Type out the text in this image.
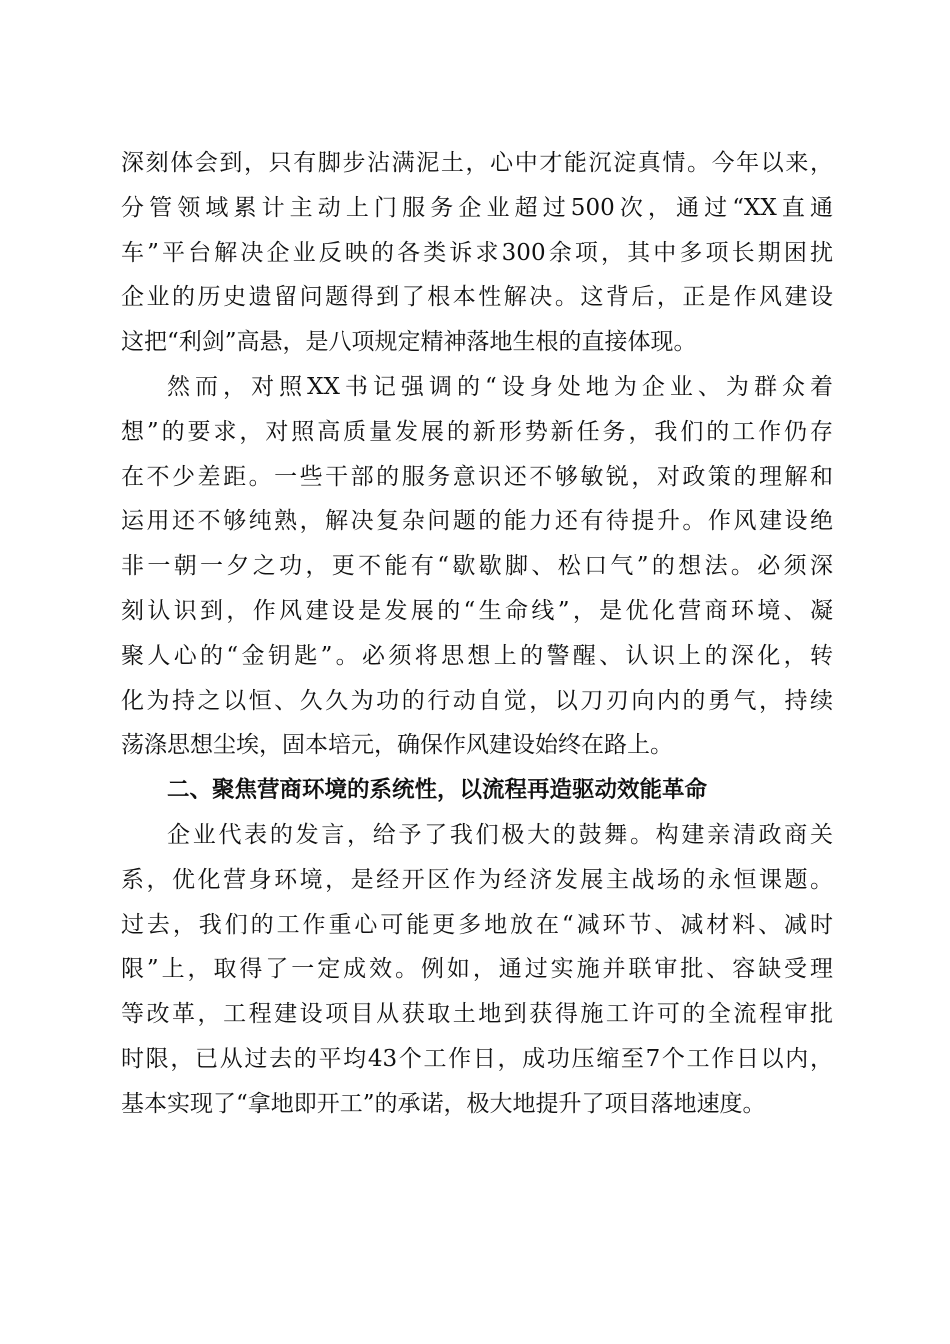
深刻体会到，只有脚步沾满泥土，心中才能沉淀真情。今年以来，
分管领域累计主动上门服务企业超过500次，通过“XX直通
车”平台解决企业反映的各类诉求300余项，其中多项长期困扰
企业的历史遗留问题得到了根本性解决。这背后，正是作风建设
这把“利剑”高悬，是八项规定精神落地生根的直接体现。
然而，对照XX书记强调的“设身处地为企业、为群众着
想”的要求，对照高质量发展的新形势新任务，我们的工作仍存
在不少差距。一些干部的服务意识还不够敏锐，对政策的理解和
运用还不够纯熟，解决复杂问题的能力还有待提升。作风建设绝
非一朝一夕之功，更不能有“歇歇脚、松口气”的想法。必须深
刻认识到，作风建设是发展的“生命线”，是优化营商环境、凝
聚人心的“金钥匙”。必须将思想上的警醒、认识上的深化，转
化为持之以恒、久久为功的行动自觉，以刀刃向内的勇气，持续
荡涤思想尘埃，固本培元，确保作风建设始终在路上。
二、聚焦营商环境的系统性，以流程再造驱动效能革命
企业代表的发言，给予了我们极大的鼓舞。构建亲清政商关
系，优化营身环境，是经开区作为经济发展主战场的永恒课题。
过去，我们的工作重心可能更多地放在“减环节、减材料、减时
限”上，取得了一定成效。例如，通过实施并联审批、容缺受理
等改革，工程建设项目从获取土地到获得施工许可的全流程审批
时限，已从过去的平均43个工作日，成功压缩至7个工作日以内，
基本实现了“拿地即开工”的承诺，极大地提升了项目落地速度。
